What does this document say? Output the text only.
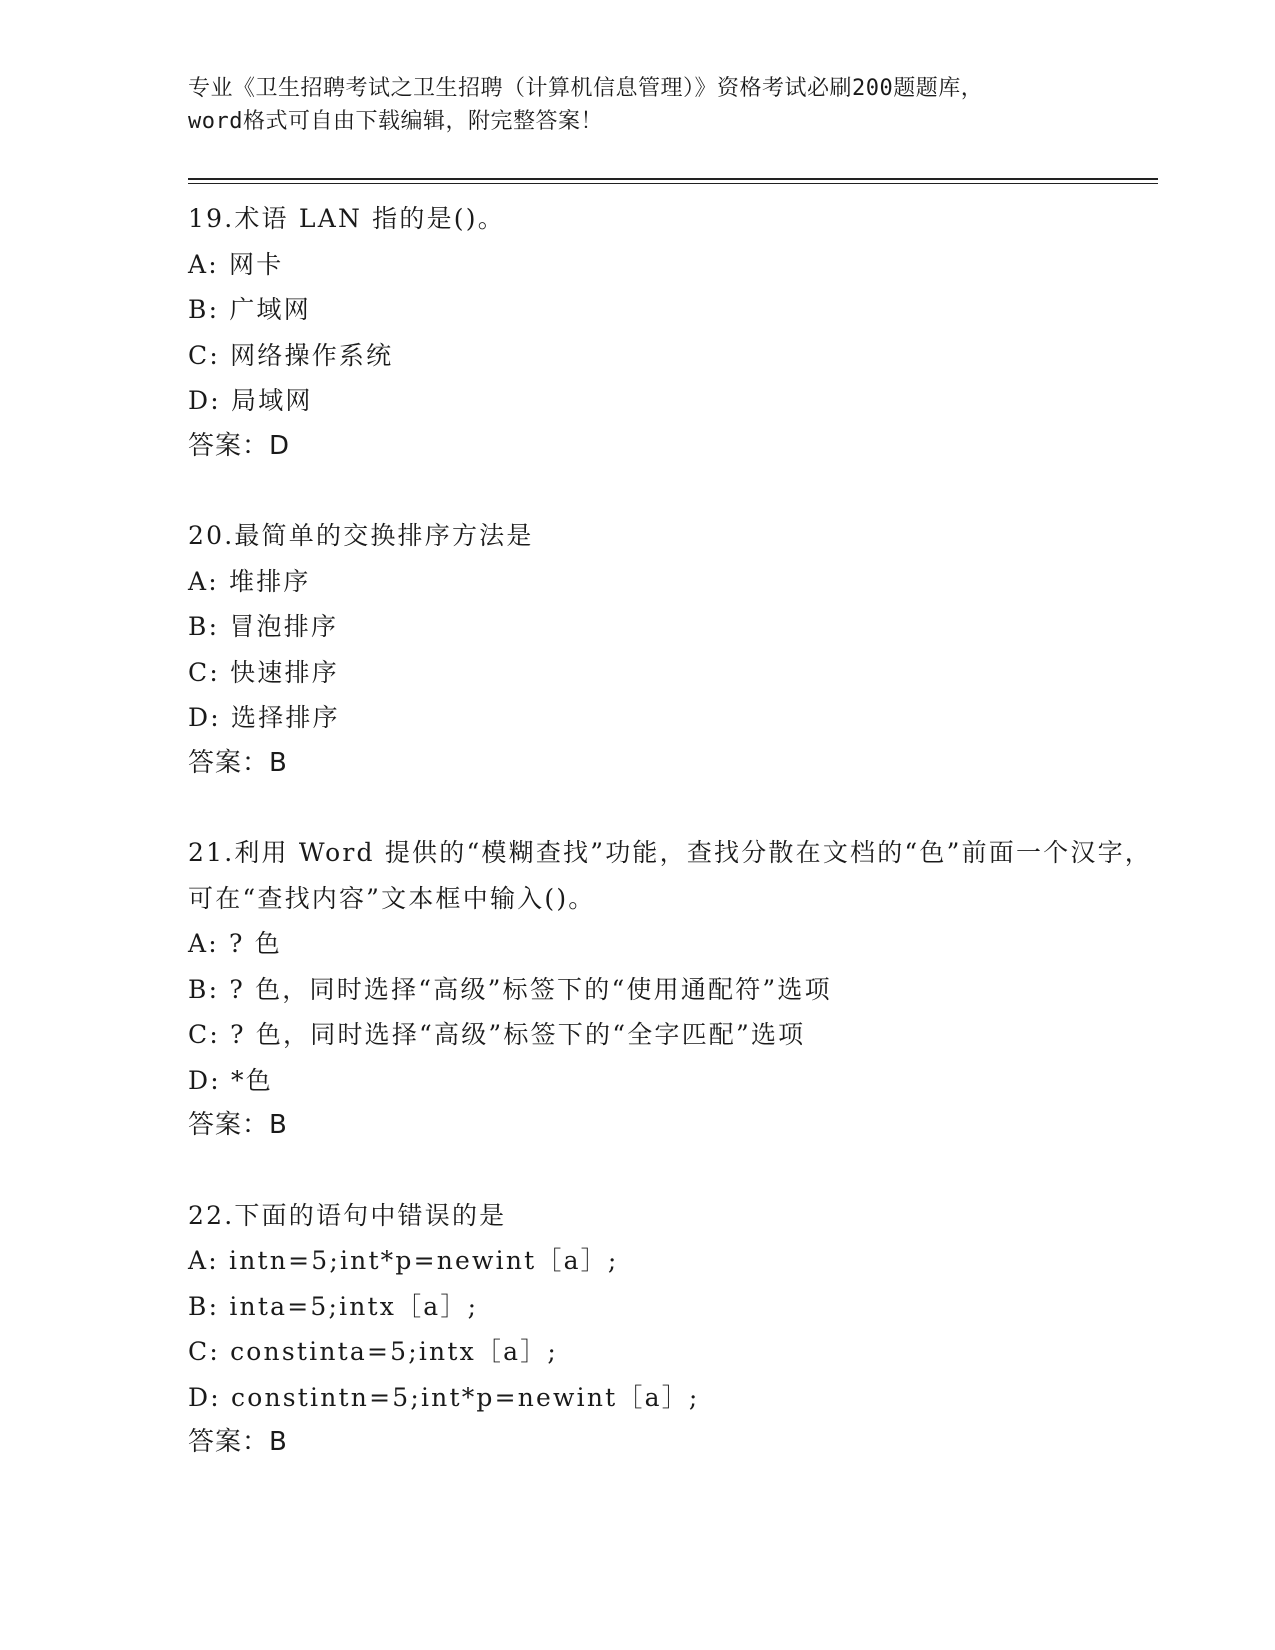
专业《卫生招聘考试之卫生招聘（计算机信息管理）》资格考试必刷200题题库，
word格式可自由下载编辑，附完整答案！
19.术语 LAN 指的是()。
A: 网卡
B: 广域网
C: 网络操作系统
D: 局域网
答案：D
20.最简单的交换排序方法是
A: 堆排序
B: 冒泡排序
C: 快速排序
D: 选择排序
答案：B
21.利用 Word 提供的“模糊查找”功能，查找分散在文档的“色”前面一个汉字，可在“查找内容”文本框中输入()。
A: ? 色
B: ? 色，同时选择“高级”标签下的“使用通配符”选项
C: ? 色，同时选择“高级”标签下的“全字匹配”选项
D: *色
答案：B
22.下面的语句中错误的是
A: intn=5;int*p=newint［a］;
B: inta=5;intx［a］;
C: constinta=5;intx［a］;
D: constintn=5;int*p=newint［a］;
答案：B
